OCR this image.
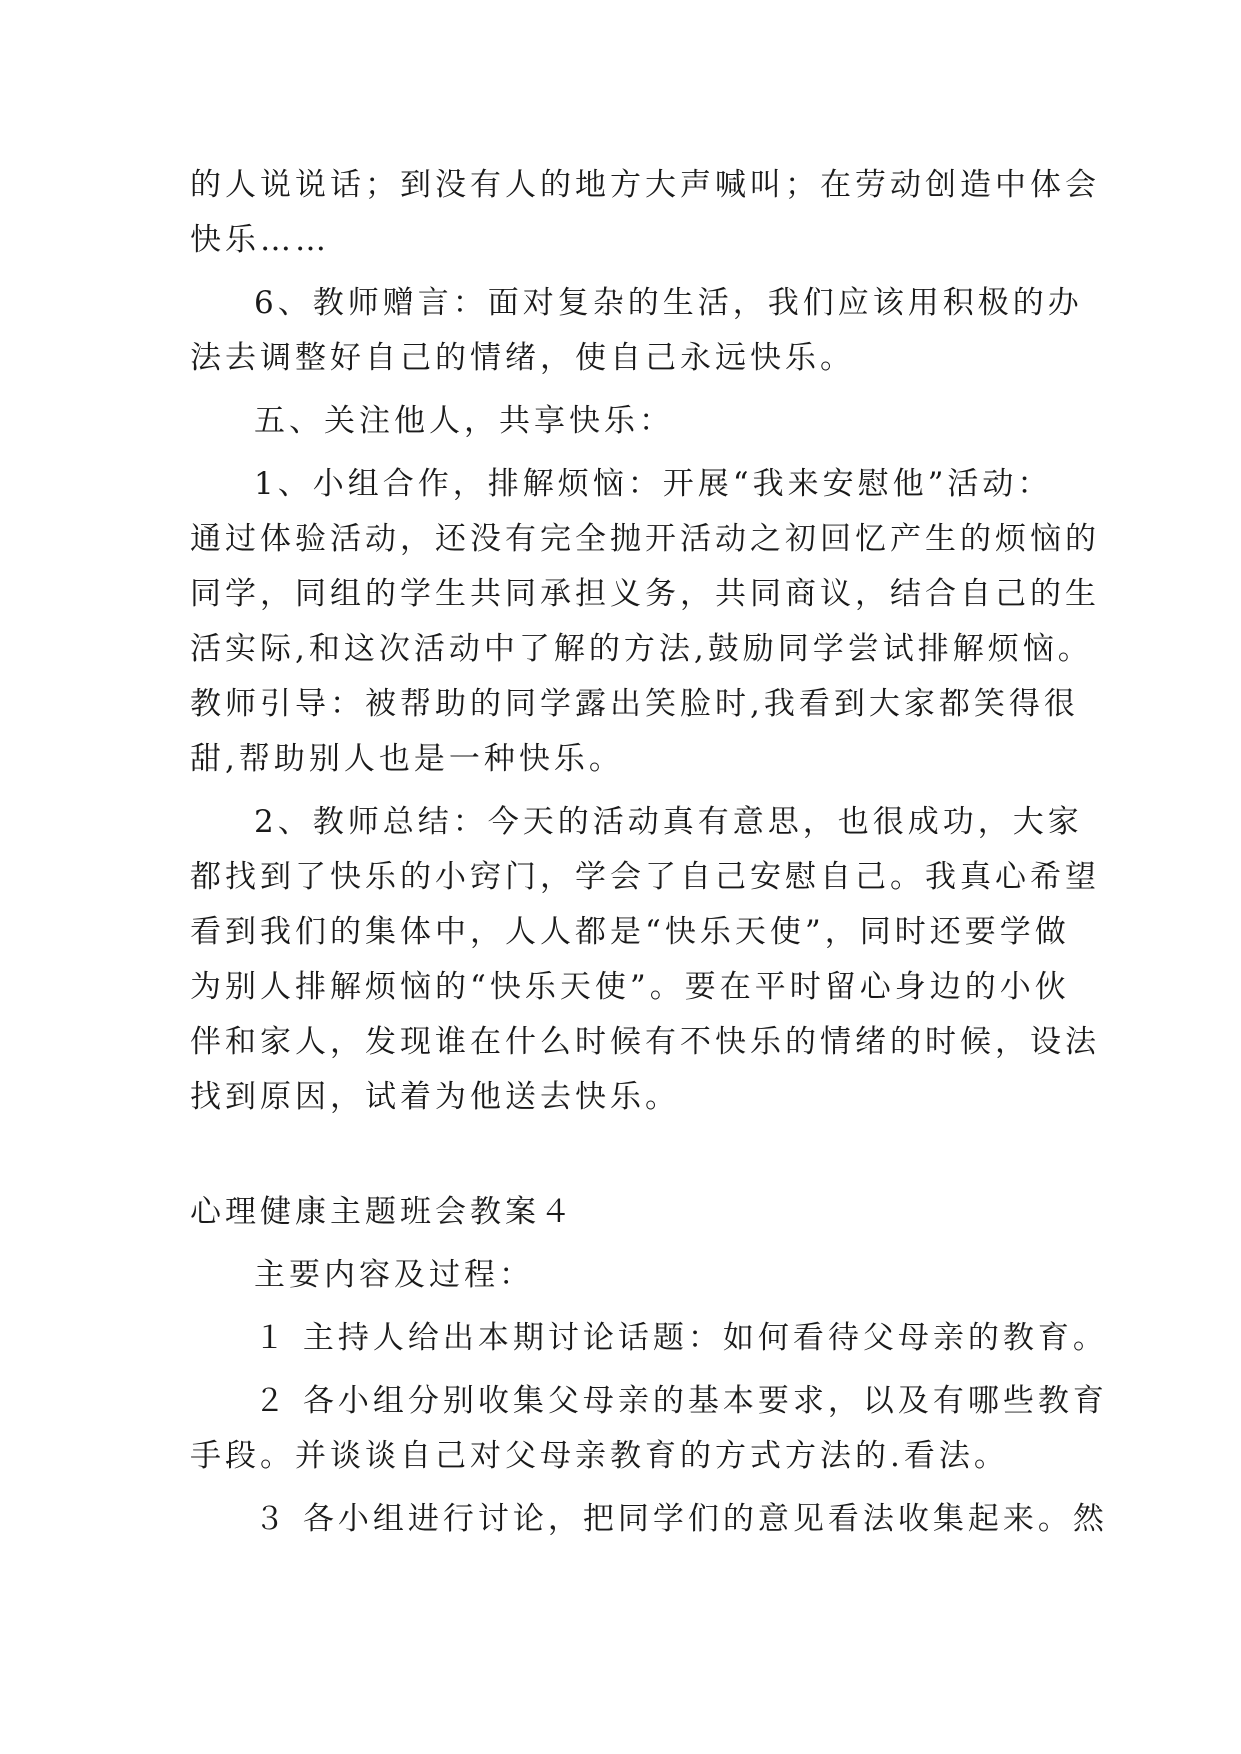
的人说说话；到没有人的地方大声喊叫；在劳动创造中体会
快乐……
6、教师赠言：面对复杂的生活，我们应该用积极的办
法去调整好自己的情绪，使自己永远快乐。
五、关注他人，共享快乐：
1、小组合作，排解烦恼：开展“我来安慰他”活动：
通过体验活动，还没有完全抛开活动之初回忆产生的烦恼的
同学，同组的学生共同承担义务，共同商议，结合自己的生
活实际,和这次活动中了解的方法,鼓励同学尝试排解烦恼。
教师引导：被帮助的同学露出笑脸时,我看到大家都笑得很
甜,帮助别人也是一种快乐。
2、教师总结：今天的活动真有意思，也很成功，大家
都找到了快乐的小窍门，学会了自己安慰自己。我真心希望
看到我们的集体中，人人都是“快乐天使”，同时还要学做
为别人排解烦恼的“快乐天使”。要在平时留心身边的小伙
伴和家人，发现谁在什么时候有不快乐的情绪的时候，设法
找到原因，试着为他送去快乐。
心理健康主题班会教案４
主要内容及过程：
１ 主持人给出本期讨论话题：如何看待父母亲的教育。
２ 各小组分别收集父母亲的基本要求，以及有哪些教育
手段。并谈谈自己对父母亲教育的方式方法的.看法。
３ 各小组进行讨论，把同学们的意见看法收集起来。然
